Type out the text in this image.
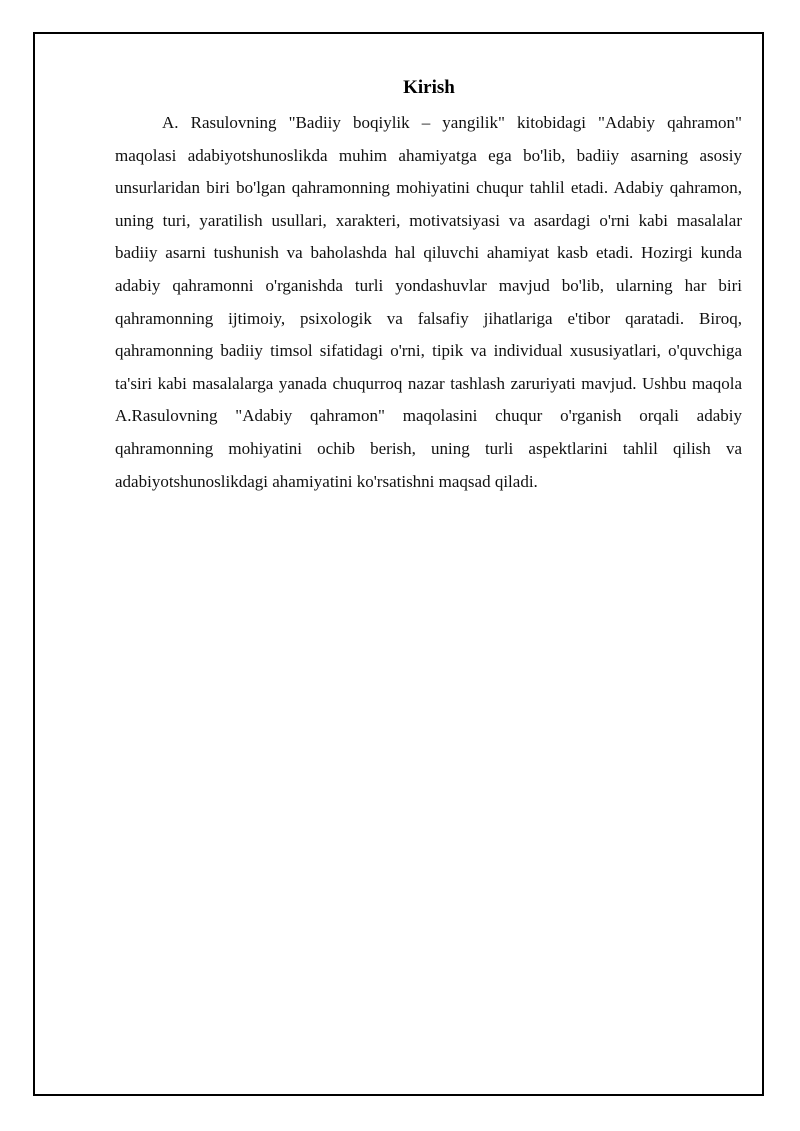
Kirish

A. Rasulovning "Badiiy boqiylik – yangilik" kitobidagi "Adabiy qahramon" maqolasi adabiyotshunoslikda muhim ahamiyatga ega bo'lib, badiiy asarning asosiy unsurlaridan biri bo'lgan qahramonning mohiyatini chuqur tahlil etadi. Adabiy qahramon, uning turi, yaratilish usullari, xarakteri, motivatsiyasi va asardagi o'rni kabi masalalar badiiy asarni tushunish va baholashda hal qiluvchi ahamiyat kasb etadi. Hozirgi kunda adabiy qahramonni o'rganishda turli yondashuvlar mavjud bo'lib, ularning har biri qahramonning ijtimoiy, psixologik va falsafiy jihatlariga e'tibor qaratadi. Biroq, qahramonning badiiy timsol sifatidagi o'rni, tipik va individual xususiyatlari, o'quvchiga ta'siri kabi masalalarga yanada chuqurroq nazar tashlash zaruriyati mavjud. Ushbu maqola A.Rasulovning "Adabiy qahramon" maqolasini chuqur o'rganish orqali adabiy qahramonning mohiyatini ochib berish, uning turli aspektlarini tahlil qilish va adabiyotshunoslikdagi ahamiyatini ko'rsatishni maqsad qiladi.
